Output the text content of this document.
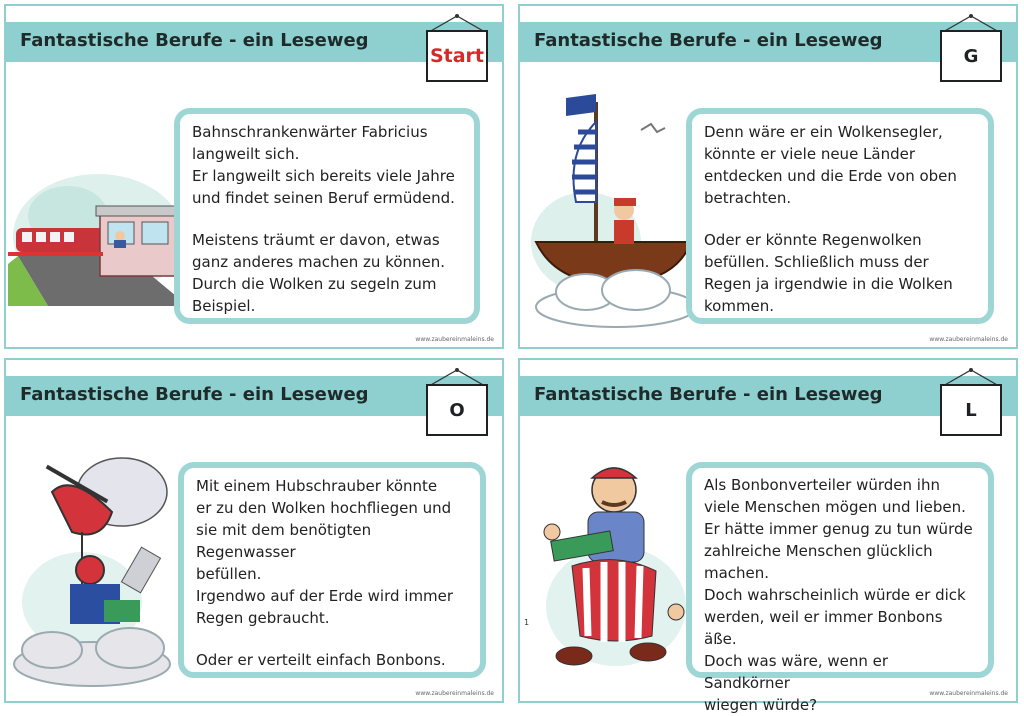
Fantastische Berufe - ein Leseweg
Start

Bahnschrankenwärter Fabricius
langweilt sich.
Er langweilt sich bereits viele Jahre
und findet seinen Beruf ermüdend.

Meistens träumt er davon, etwas
ganz anderes machen zu können.
Durch die Wolken zu segeln zum
Beispiel.

www.zaubereinmaleins.de
Fantastische Berufe - ein Leseweg
G

Denn wäre er ein Wolkensegler,
könnte er viele neue Länder
entdecken und die Erde von oben
betrachten.

Oder er könnte Regenwolken
befüllen. Schließlich muss der
Regen ja irgendwie in die Wolken
kommen.

www.zaubereinmaleins.de
Fantastische Berufe - ein Leseweg
O

Mit einem Hubschrauber könnte
er zu den Wolken hochfliegen und
sie mit dem benötigten Regenwasser
befüllen.
Irgendwo auf der Erde wird immer
Regen gebraucht.

Oder er verteilt einfach Bonbons.

www.zaubereinmaleins.de
Fantastische Berufe - ein Leseweg
L

Als Bonbonverteiler würden ihn
viele Menschen mögen und lieben.
Er hätte immer genug zu tun würde
zahlreiche Menschen glücklich
machen.
Doch wahrscheinlich würde er dick
werden, weil er immer Bonbons äße.
Doch was wäre, wenn er Sandkörner
wiegen würde?

www.zaubereinmaleins.de
1
